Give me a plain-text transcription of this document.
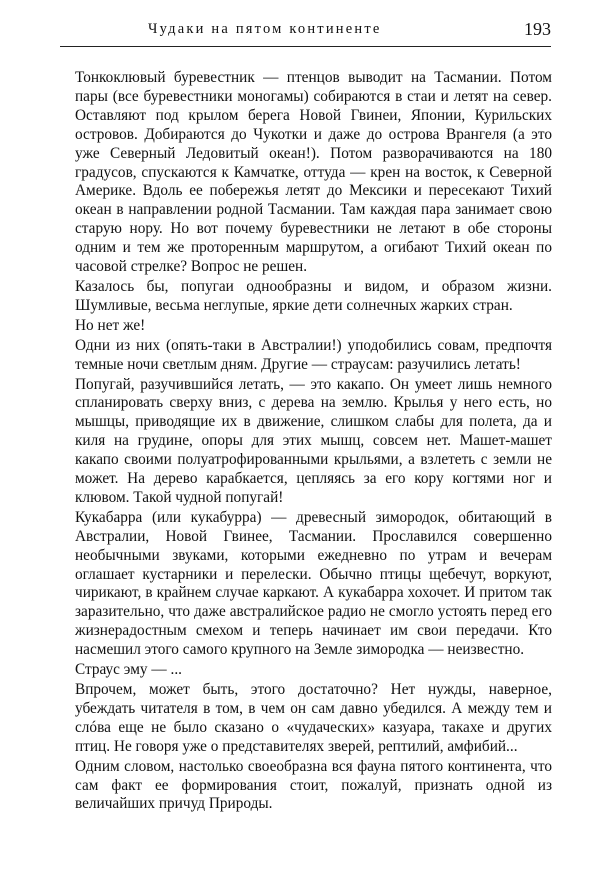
Чудаки на пятом континенте	193

Тонкоклювый буревестник — птенцов выводит на Тасмании. Потом пары (все буревестники моногамы) собираются в стаи и летят на север. Оставляют под крылом берега Новой Гвинеи, Японии, Курильских островов. Добираются до Чукотки и даже до острова Врангеля (а это уже Северный Ледовитый океан!). Потом разворачиваются на 180 градусов, спускаются к Камчатке, оттуда — крен на восток, к Северной Америке. Вдоль ее побережья летят до Мексики и пересекают Тихий океан в направлении родной Тасмании. Там каждая пара занимает свою старую нору. Но вот почему буревестники не летают в обе стороны одним и тем же протоpенным маршрутом, а огибают Тихий океан по часовой стрелке? Вопрос не решен.

Казалось бы, попугаи однообразны и видом, и образом жизни. Шумливые, весьма неглупые, яркие дети солнечных жарких стран.

Но нет же!

Одни из них (опять-таки в Австралии!) уподобились совам, предпочтя темные ночи светлым дням. Другие — страусам: разучились летать!

Попугай, разучившийся летать, — это какапо. Он умеет лишь немного спланировать сверху вниз, с дерева на землю. Крылья у него есть, но мышцы, приводящие их в движение, слишком слабы для полета, да и киля на грудине, опоры для этих мышц, совсем нет. Машет-машет какапо своими полуатрофированными крыльями, а взлететь с земли не может. На дерево карабкается, цепляясь за его кору когтями ног и клювом. Такой чудной попугай!

Кукабарра (или кукабурра) — древесный зимородок, обитающий в Австралии, Новой Гвинее, Тасмании. Прославился совершенно необычными звуками, которыми ежедневно по утрам и вечерам оглашает кустарники и перелески. Обычно птицы щебечут, воркуют, чирикают, в крайнем случае каркают. А кукабарра хохочет. И притом так заразительно, что даже австралийское радио не смогло устоять перед его жизнерадостным смехом и теперь начинает им свои передачи. Кто насмешил этого самого крупного на Земле зимородка — неизвестно.

Страус эму — ...

Впрочем, может быть, этого достаточно? Нет нужды, наверное, убеждать читателя в том, в чем он сам давно убедился. А между тем и слóва еще не было сказано о «чудаческих» казуара, такахе и других птиц. Не говоря уже о представителях зверей, рептилий, амфибий...

Одним словом, настолько своеобразна вся фауна пятого континента, что сам факт ее формирования стоит, пожалуй, признать одной из величайших причуд Природы.
